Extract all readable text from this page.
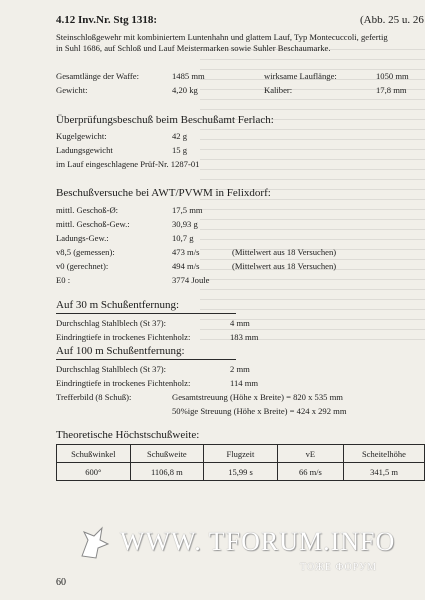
4.12 Inv.Nr. Stg 1318:	(Abb. 25 u. 26
Steinschloßgewehr mit kombiniertem Luntenhahn und glattem Lauf, Typ Montecuccoli, gefertig
in Suhl 1686, auf Schloß und Lauf Meistermarken sowie Suhler Beschaumarke.
Gesamtlänge der Waffe:	1485 mm	wirksame Lauflänge:	1050 mm
Gewicht:	4,20 kg	Kaliber:	17,8 mm
Überprüfungsbeschuß beim Beschußamt Ferlach:
Kugelgewicht:	42 g
Ladungsgewicht	15 g
im Lauf eingeschlagene Prüf-Nr. 1287-01
Beschußversuche bei AWT/PVWM in Felixdorf:
mittl. Geschoß-Ø:	17,5 mm
mittl. Geschoß-Gew.:	30,93 g
Ladungs-Gew.:	10,7 g
v8,5 (gemessen):	473 m/s	(Mittelwert aus 18 Versuchen)
v0 (gerechnet):	494 m/s	(Mittelwert aus 18 Versuchen)
E0 :	3774 Joule
Auf 30 m Schußentfernung:
Durchschlag Stahlblech (St 37):	4 mm
Eindringtiefe in trockenes Fichtenholz:	183 mm
Auf 100 m Schußentfernung:
Durchschlag Stahlblech (St 37):	2 mm
Eindringtiefe in trockenes Fichtenholz:	114 mm
Trefferbild (8 Schuß):	Gesamtstreuung (Höhe x Breite) = 820 x 535 mm
50%ige Streuung (Höhe x Breite) = 424 x 292 mm
Theoretische Höchstschußweite:
Schußwinkel	Schußweite	Flugzeit	vE	Scheitelhöhe
600°	1106,8 m	15,99 s	66 m/s	341,5 m
WWW. TFORUM.INFO
ТОЖЕ ФОРУМ
60
